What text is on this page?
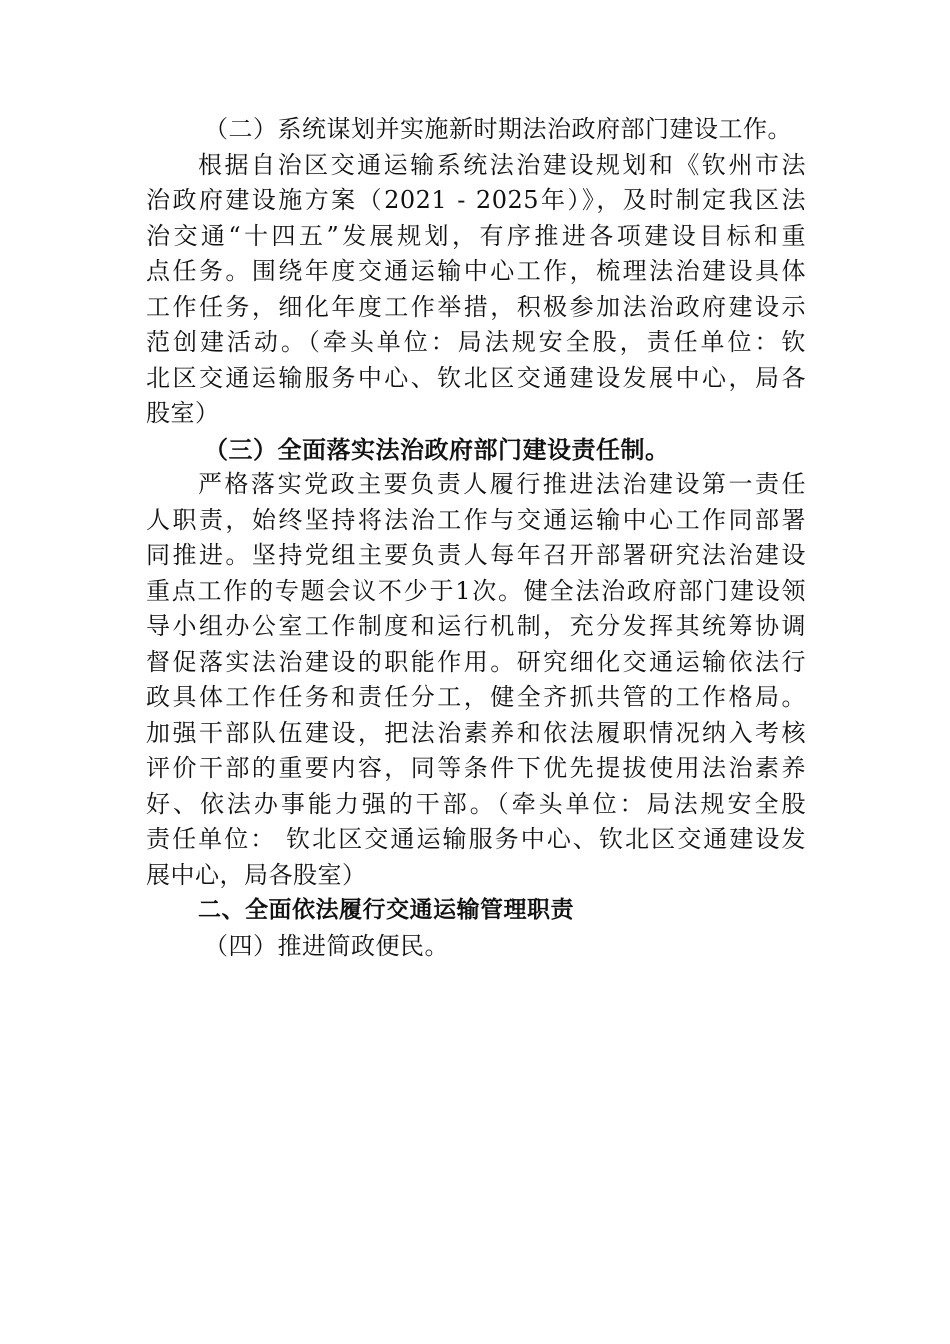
（二）系统谋划并实施新时期法治政府部门建设工作。
根据自治区交通运输系统法治建设规划和《钦州市法
治政府建设施方案（2021 - 2025年）》，及时制定我区法
治交通“十四五”发展规划，有序推进各项建设目标和重
点任务。围绕年度交通运输中心工作，梳理法治建设具体
工作任务，细化年度工作举措，积极参加法治政府建设示
范创建活动。（牵头单位：局法规安全股，责任单位：钦
北区交通运输服务中心、钦北区交通建设发展中心，局各
股室）
（三）全面落实法治政府部门建设责任制。
严格落实党政主要负责人履行推进法治建设第一责任
人职责，始终坚持将法治工作与交通运输中心工作同部署
同推进。坚持党组主要负责人每年召开部署研究法治建设
重点工作的专题会议不少于1次。健全法治政府部门建设领
导小组办公室工作制度和运行机制，充分发挥其统筹协调
督促落实法治建设的职能作用。研究细化交通运输依法行
政具体工作任务和责任分工，健全齐抓共管的工作格局。
加强干部队伍建设，把法治素养和依法履职情况纳入考核
评价干部的重要内容，同等条件下优先提拔使用法治素养
好、依法办事能力强的干部。（牵头单位：局法规安全股
责任单位： 钦北区交通运输服务中心、钦北区交通建设发
展中心，局各股室）
二、全面依法履行交通运输管理职责
（四）推进简政便民。
